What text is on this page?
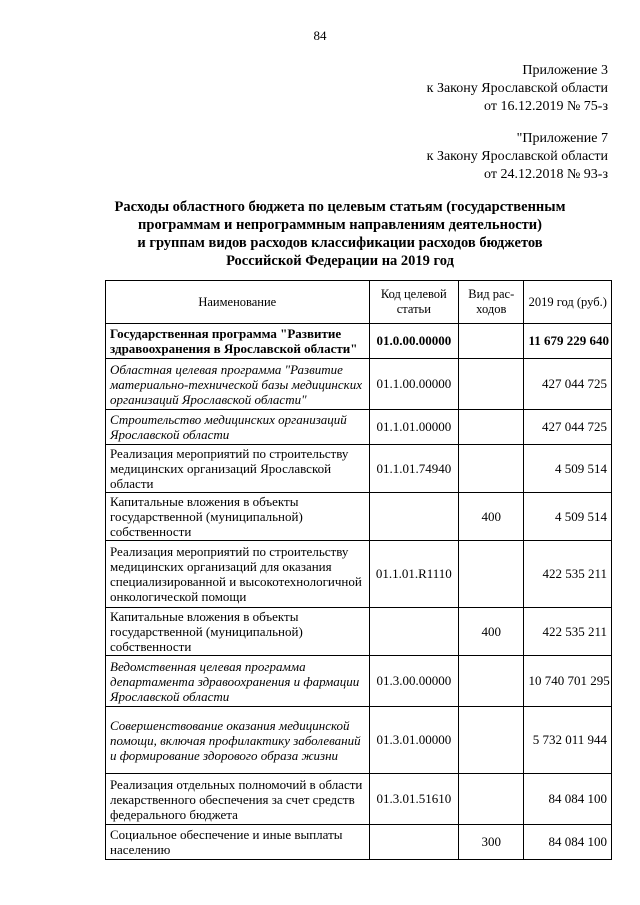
84
Приложение 3
к Закону Ярославской области
от 16.12.2019 № 75-з
"Приложение 7
к Закону Ярославской области
от 24.12.2018 № 93-з
Расходы областного бюджета по целевым статьям (государственным
программам и непрограммным направлениям деятельности)
и группам видов расходов классификации расходов бюджетов
Российской Федерации на 2019 год
Наименование	Код целевой статьи	Вид рас-ходов	2019 год (руб.)
Государственная программа "Развитие здравоохранения в Ярославской области"	01.0.00.00000		11 679 229 640
Областная целевая программа "Развитие материально-технической базы медицинских организаций Ярославской области"	01.1.00.00000		427 044 725
Строительство медицинских организаций Ярославской области	01.1.01.00000		427 044 725
Реализация мероприятий по строительству медицинских организаций Ярославской области	01.1.01.74940		4 509 514
Капитальные вложения в объекты государственной (муниципальной) собственности		400	4 509 514
Реализация мероприятий по строительству медицинских организаций для оказания специализированной и высокотехнологичной онкологической помощи	01.1.01.R1110		422 535 211
Капитальные вложения в объекты государственной (муниципальной) собственности		400	422 535 211
Ведомственная целевая программа департамента здравоохранения и фармации Ярославской области	01.3.00.00000		10 740 701 295
Совершенствование оказания медицинской помощи, включая профилактику заболеваний и формирование здорового образа жизни	01.3.01.00000		5 732 011 944
Реализация отдельных полномочий в области лекарственного обеспечения за счет средств федерального бюджета	01.3.01.51610		84 084 100
Социальное обеспечение и иные выплаты населению		300	84 084 100
